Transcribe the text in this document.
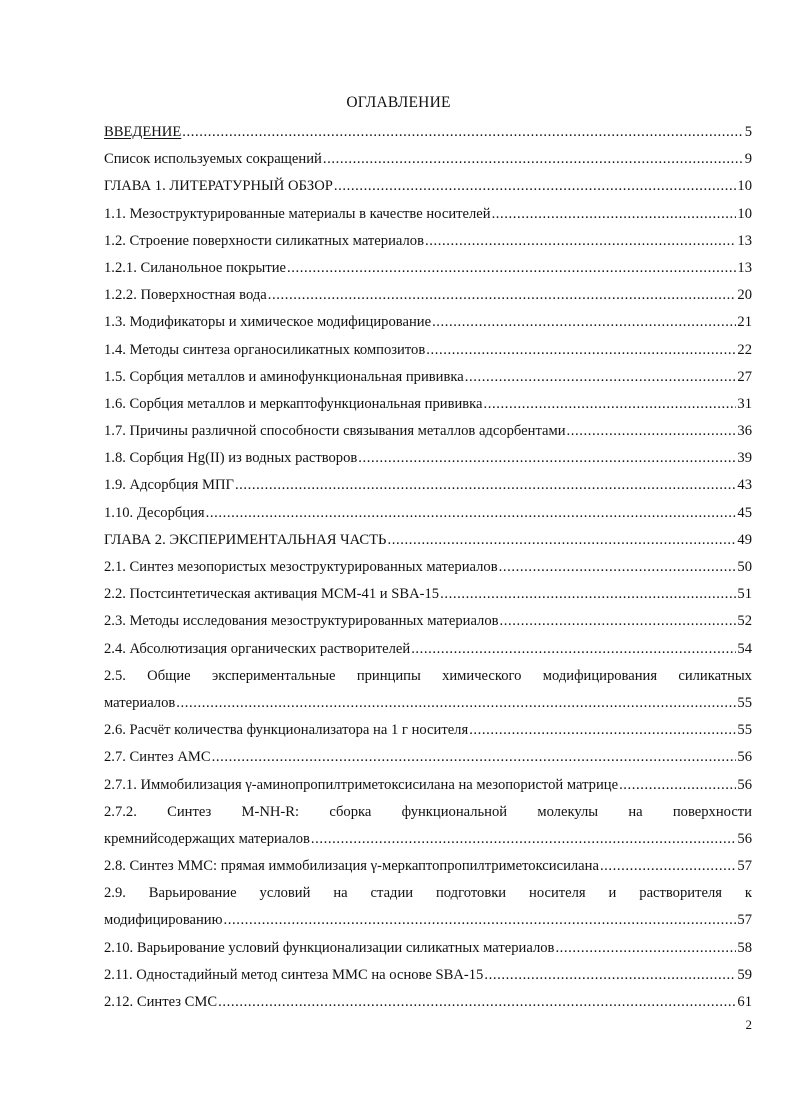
ОГЛАВЛЕНИЕ
ВВЕДЕНИЕ .....	5
Список используемых сокращений .....	9
ГЛАВА 1. ЛИТЕРАТУРНЫЙ ОБЗОР .....	10
1.1. Мезоструктурированные материалы в качестве носителей .....	10
1.2. Строение поверхности силикатных материалов .....	13
1.2.1. Силанольное покрытие .....	13
1.2.2. Поверхностная вода .....	20
1.3. Модификаторы и химическое модифицирование .....	21
1.4. Методы синтеза органосиликатных композитов .....	22
1.5. Сорбция металлов и аминофункциональная прививка .....	27
1.6. Сорбция металлов и меркаптофункциональная прививка .....	31
1.7. Причины различной способности связывания металлов адсорбентами .....	36
1.8. Сорбция Hg(II) из водных растворов .....	39
1.9. Адсорбция МПГ .....	43
1.10. Десорбция .....	45
ГЛАВА 2. ЭКСПЕРИМЕНТАЛЬНАЯ ЧАСТЬ .....	49
2.1. Синтез мезопористых мезоструктурированных материалов .....	50
2.2. Постсинтетическая активация МСМ-41 и SBA-15 .....	51
2.3. Методы исследования мезоструктурированных материалов .....	52
2.4. Абсолютизация органических растворителей .....	54
2.5. Общие экспериментальные принципы химического модифицирования силикатных
материалов .....	55
2.6. Расчёт количества функционализатора на 1 г носителя .....	55
2.7. Синтез АМС .....	56
2.7.1. Иммобилизация γ-аминопропилтриметоксисилана на мезопористой матрице .....	56
2.7.2. Синтез M-NH-R: сборка функциональной молекулы на поверхности
кремнийсодержащих материалов .....	56
2.8. Синтез ММС: прямая иммобилизация γ-меркаптопропилтриметоксисилана .....	57
2.9. Варьирование условий на стадии подготовки носителя и растворителя к
модифицированию .....	57
2.10. Варьирование условий функционализации силикатных материалов .....	58
2.11. Одностадийный метод синтеза ММС на основе SBA-15 .....	59
2.12. Синтез СМС .....	61
2
